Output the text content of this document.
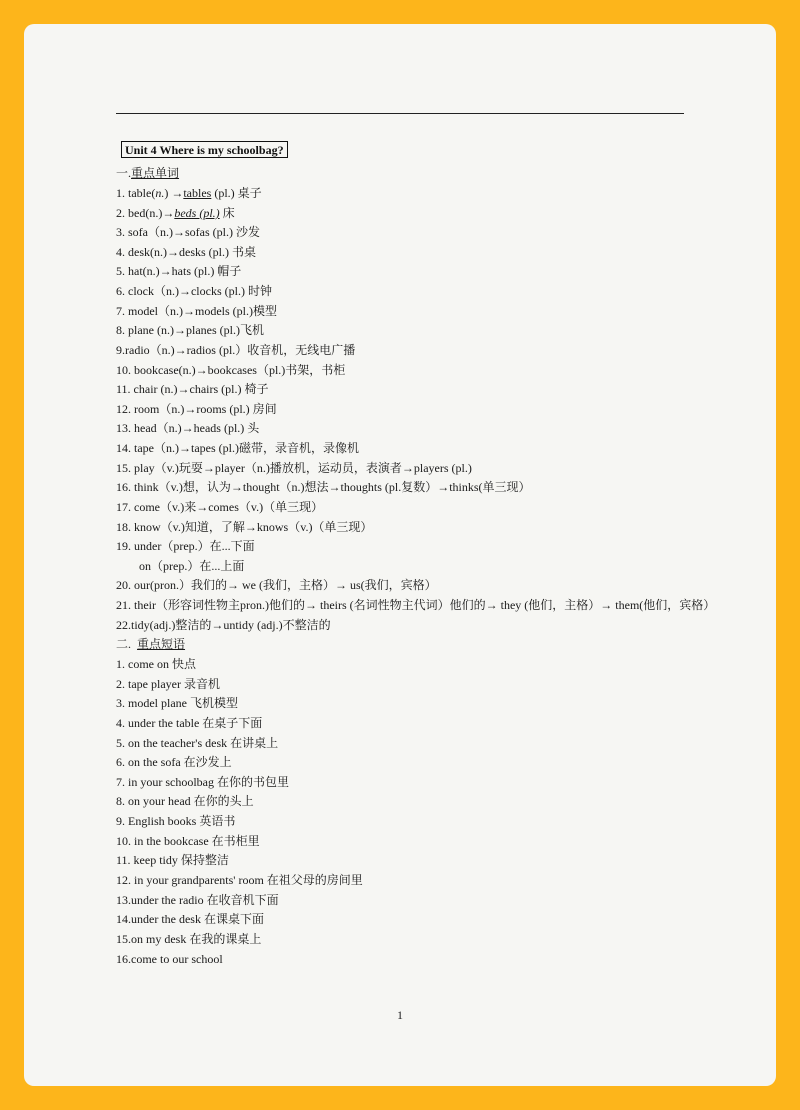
Unit 4 Where is my schoolbag?
一.重点单词
1. table(n.) →tables (pl.) 桌子
2. bed(n.)→beds (pl.) 床
3. sofa（n.)→sofas (pl.) 沙发
4. desk(n.)→desks (pl.) 书桌
5. hat(n.)→hats (pl.) 帽子
6. clock（n.)→clocks (pl.) 时钟
7. model（n.)→models (pl.)模型
8. plane (n.)→planes (pl.)飞机
9.radio（n.)→radios (pl.）收音机，无线电广播
10. bookcase(n.)→bookcases（pl.)书架，书柜
11. chair (n.)→chairs (pl.) 椅子
12. room（n.)→rooms (pl.) 房间
13. head（n.)→heads (pl.) 头
14. tape（n.)→tapes (pl.)磁带，录音机，录像机
15. play（v.)玩耍→player（n.)播放机，运动员，表演者→players (pl.)
16. think（v.)想，认为→thought（n.)想法→thoughts (pl.复数）→thinks(单三现）
17. come（v.)来→comes（v.)（单三现）
18. know（v.)知道，了解→knows（v.)（单三现）
19. under（prep.）在...下面
on（prep.）在...上面
20. our(pron.）我们的→ we (我们，主格）→ us(我们，宾格）
21. their（形容词性物主pron.)他们的→ theirs (名词性物主代词）他们的→ they (他们，主格）→ them(他们，宾格）
22.tidy(adj.)整洁的→untidy (adj.)不整洁的
二. 重点短语
1. come on 快点
2. tape player 录音机
3. model plane 飞机模型
4. under the table 在桌子下面
5. on the teacher's desk 在讲桌上
6. on the sofa 在沙发上
7. in your schoolbag 在你的书包里
8. on your head 在你的头上
9. English books 英语书
10. in the bookcase 在书柜里
11. keep tidy 保持整洁
12. in your grandparents' room 在祖父母的房间里
13.under the radio 在收音机下面
14.under the desk 在课桌下面
15.on my desk 在我的课桌上
16.come to our school
1
